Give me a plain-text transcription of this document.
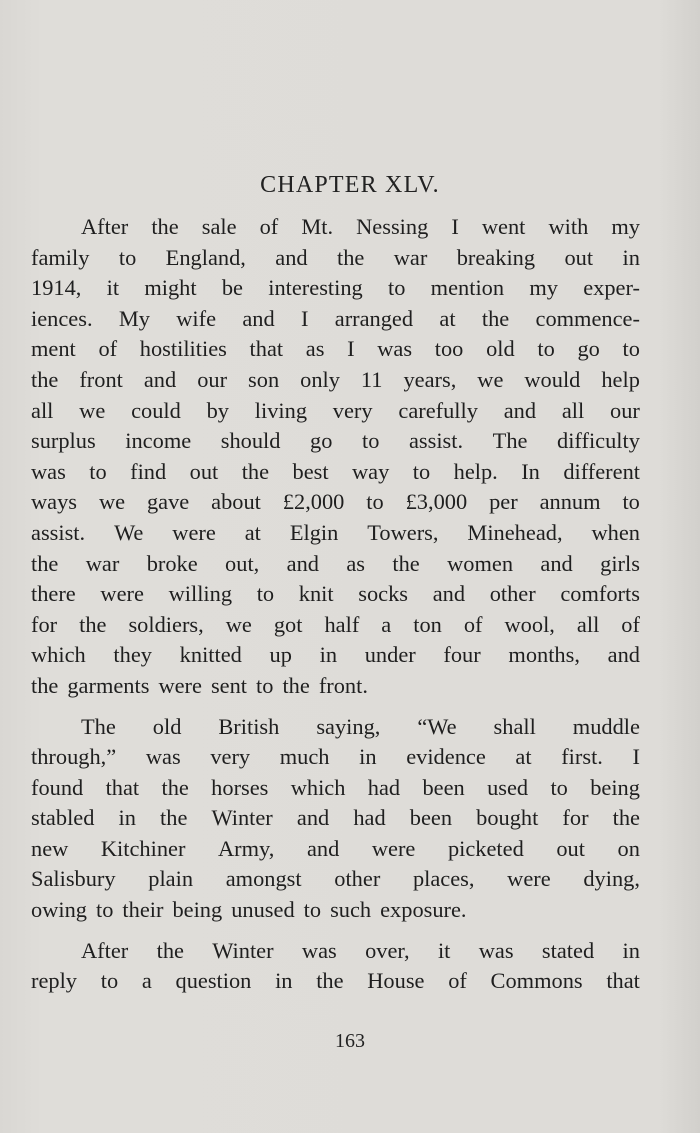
CHAPTER XLV.

After the sale of Mt. Nessing I went with my
family to England, and the war breaking out in
1914, it might be interesting to mention my exper-
iences. My wife and I arranged at the commence-
ment of hostilities that as I was too old to go to
the front and our son only 11 years, we would help
all we could by living very carefully and all our
surplus income should go to assist. The difficulty
was to find out the best way to help. In different
ways we gave about £2,000 to £3,000 per annum to
assist. We were at Elgin Towers, Minehead, when
the war broke out, and as the women and girls
there were willing to knit socks and other comforts
for the soldiers, we got half a ton of wool, all of
which they knitted up in under four months, and
the garments were sent to the front.

The old British saying, “We shall muddle
through,” was very much in evidence at first. I
found that the horses which had been used to being
stabled in the Winter and had been bought for the
new Kitchiner Army, and were picketed out on
Salisbury plain amongst other places, were dying,
owing to their being unused to such exposure.

After the Winter was over, it was stated in
reply to a question in the House of Commons that

163
